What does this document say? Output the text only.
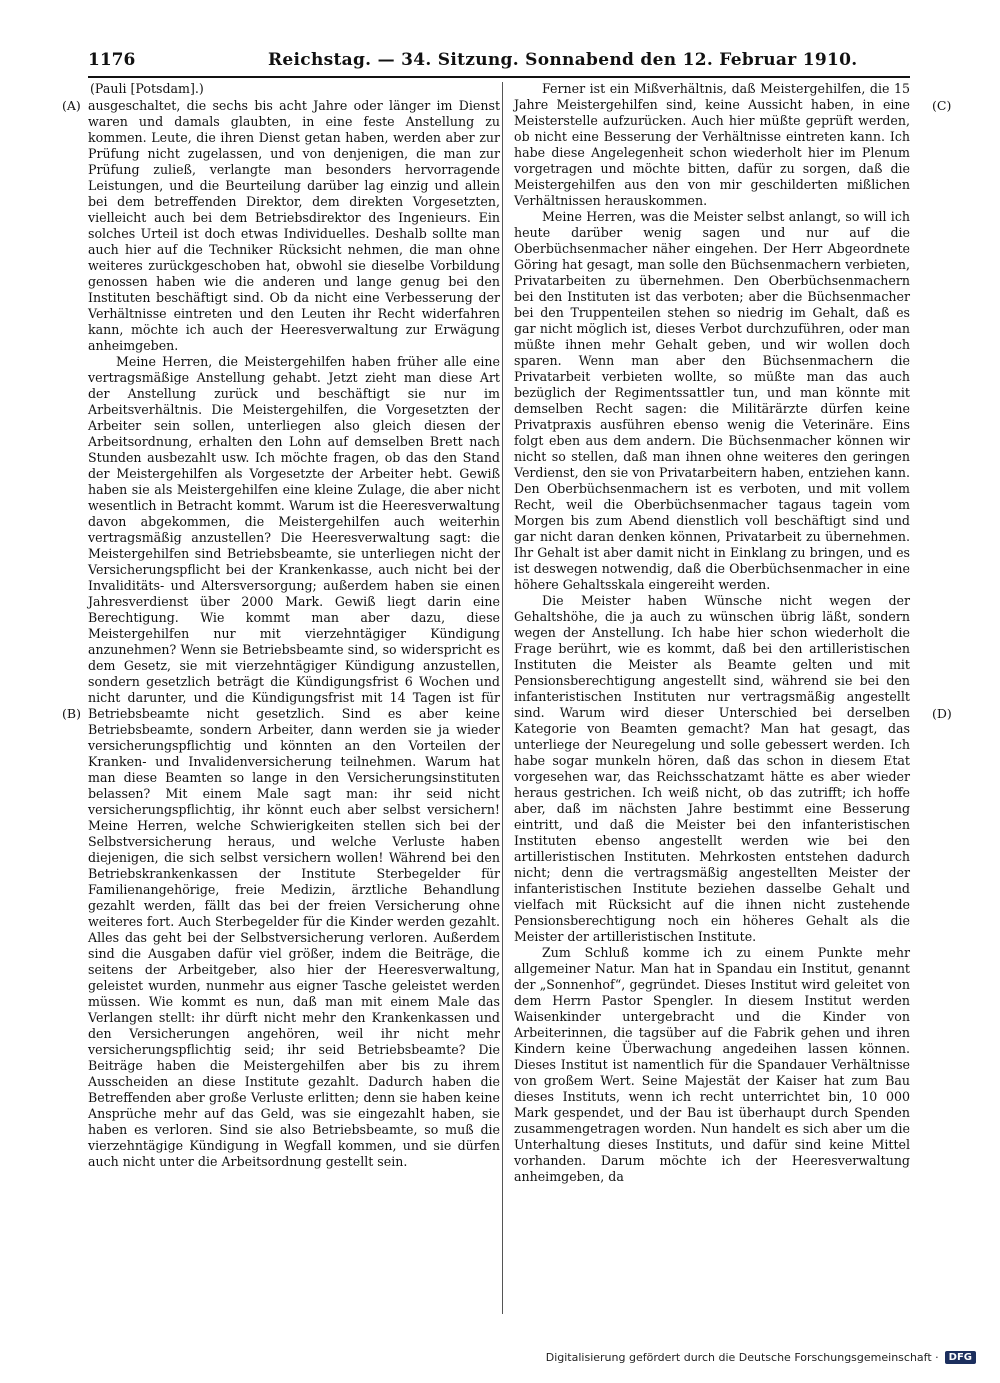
1176	Reichstag. — 34. Sitzung. Sonnabend den 12. Februar 1910.
(A)
(B)
(C)
(D)
(Pauli [Potsdam].)

ausgeschaltet, die sechs bis acht Jahre oder länger im Dienst waren und damals glaubten, in eine feste Anstellung zu kommen. Leute, die ihren Dienst getan haben, werden aber zur Prüfung nicht zugelassen, und von denjenigen, die man zur Prüfung zuließ, verlangte man besonders hervorragende Leistungen, und die Beurteilung darüber lag einzig und allein bei dem betreffenden Direktor, dem direkten Vorgesetzten, vielleicht auch bei dem Betriebsdirektor des Ingenieurs. Ein solches Urteil ist doch etwas Individuelles. Deshalb sollte man auch hier auf die Techniker Rücksicht nehmen, die man ohne weiteres zurückgeschoben hat, obwohl sie dieselbe Vorbildung genossen haben wie die anderen und lange genug bei den Instituten beschäftigt sind. Ob da nicht eine Verbesserung der Verhältnisse eintreten und den Leuten ihr Recht widerfahren kann, möchte ich auch der Heeresverwaltung zur Erwägung anheimgeben.

Meine Herren, die Meistergehilfen haben früher alle eine vertragsmäßige Anstellung gehabt. Jetzt zieht man diese Art der Anstellung zurück und beschäftigt sie nur im Arbeitsverhältnis. Die Meistergehilfen, die Vorgesetzten der Arbeiter sein sollen, unterliegen also gleich diesen der Arbeitsordnung, erhalten den Lohn auf demselben Brett nach Stunden ausbezahlt usw. Ich möchte fragen, ob das den Stand der Meistergehilfen als Vorgesetzte der Arbeiter hebt. Gewiß haben sie als Meistergehilfen eine kleine Zulage, die aber nicht wesentlich in Betracht kommt. Warum ist die Heeresverwaltung davon abgekommen, die Meistergehilfen auch weiterhin vertragsmäßig anzustellen? Die Heeresverwaltung sagt: die Meistergehilfen sind Betriebsbeamte, sie unterliegen nicht der Versicherungspflicht bei der Krankenkasse, auch nicht bei der Invaliditäts- und Altersversorgung; außerdem haben sie einen Jahresverdienst über 2000 Mark. Gewiß liegt darin eine Berechtigung. Wie kommt man aber dazu, diese Meistergehilfen nur mit vierzehntägiger Kündigung anzunehmen? Wenn sie Betriebsbeamte sind, so widerspricht es dem Gesetz, sie mit vierzehntägiger Kündigung anzustellen, sondern gesetzlich beträgt die Kündigungsfrist 6 Wochen und nicht darunter, und die Kündigungsfrist mit 14 Tagen ist für Betriebsbeamte nicht gesetzlich. Sind es aber keine Betriebsbeamte, sondern Arbeiter, dann werden sie ja wieder versicherungspflichtig und könnten an den Vorteilen der Kranken- und Invalidenversicherung teilnehmen. Warum hat man diese Beamten so lange in den Versicherungsinstituten belassen? Mit einem Male sagt man: ihr seid nicht versicherungspflichtig, ihr könnt euch aber selbst versichern! Meine Herren, welche Schwierigkeiten stellen sich bei der Selbstversicherung heraus, und welche Verluste haben diejenigen, die sich selbst versichern wollen! Während bei den Betriebskrankenkassen der Institute Sterbegelder für Familienangehörige, freie Medizin, ärztliche Behandlung gezahlt werden, fällt das bei der freien Versicherung ohne weiteres fort. Auch Sterbegelder für die Kinder werden gezahlt. Alles das geht bei der Selbstversicherung verloren. Außerdem sind die Ausgaben dafür viel größer, indem die Beiträge, die seitens der Arbeitgeber, also hier der Heeresverwaltung, geleistet wurden, nunmehr aus eigner Tasche geleistet werden müssen. Wie kommt es nun, daß man mit einem Male das Verlangen stellt: ihr dürft nicht mehr den Krankenkassen und den Versicherungen angehören, weil ihr nicht mehr versicherungspflichtig seid; ihr seid Betriebsbeamte? Die Beiträge haben die Meistergehilfen aber bis zu ihrem Ausscheiden an diese Institute gezahlt. Dadurch haben die Betreffenden aber große Verluste erlitten; denn sie haben keine Ansprüche mehr auf das Geld, was sie eingezahlt haben, sie haben es verloren. Sind sie also Betriebsbeamte, so muß die vierzehntägige Kündigung in Wegfall kommen, und sie dürfen auch nicht unter die Arbeitsordnung gestellt sein.

Ferner ist ein Mißverhältnis, daß Meistergehilfen, die 15 Jahre Meistergehilfen sind, keine Aussicht haben, in eine Meisterstelle aufzurücken. Auch hier müßte geprüft werden, ob nicht eine Besserung der Verhältnisse eintreten kann. Ich habe diese Angelegenheit schon wiederholt hier im Plenum vorgetragen und möchte bitten, dafür zu sorgen, daß die Meistergehilfen aus den von mir geschilderten mißlichen Verhältnissen herauskommen.

Meine Herren, was die Meister selbst anlangt, so will ich heute darüber wenig sagen und nur auf die Oberbüchsenmacher näher eingehen. Der Herr Abgeordnete Göring hat gesagt, man solle den Büchsenmachern verbieten, Privatarbeiten zu übernehmen. Den Oberbüchsenmachern bei den Instituten ist das verboten; aber die Büchsenmacher bei den Truppenteilen stehen so niedrig im Gehalt, daß es gar nicht möglich ist, dieses Verbot durchzuführen, oder man müßte ihnen mehr Gehalt geben, und wir wollen doch sparen. Wenn man aber den Büchsenmachern die Privatarbeit verbieten wollte, so müßte man das auch bezüglich der Regimentssattler tun, und man könnte mit demselben Recht sagen: die Militärärzte dürfen keine Privatpraxis ausführen ebenso wenig die Veterinäre. Eins folgt eben aus dem andern. Die Büchsenmacher können wir nicht so stellen, daß man ihnen ohne weiteres den geringen Verdienst, den sie von Privatarbeitern haben, entziehen kann. Den Oberbüchsenmachern ist es verboten, und mit vollem Recht, weil die Oberbüchsenmacher tagaus tagein vom Morgen bis zum Abend dienstlich voll beschäftigt sind und gar nicht daran denken können, Privatarbeit zu übernehmen. Ihr Gehalt ist aber damit nicht in Einklang zu bringen, und es ist deswegen notwendig, daß die Oberbüchsenmacher in eine höhere Gehaltsskala eingereiht werden.

Die Meister haben Wünsche nicht wegen der Gehaltshöhe, die ja auch zu wünschen übrig läßt, sondern wegen der Anstellung. Ich habe hier schon wiederholt die Frage berührt, wie es kommt, daß bei den artilleristischen Instituten die Meister als Beamte gelten und mit Pensionsberechtigung angestellt sind, während sie bei den infanteristischen Instituten nur vertragsmäßig angestellt sind. Warum wird dieser Unterschied bei derselben Kategorie von Beamten gemacht? Man hat gesagt, das unterliege der Neuregelung und solle gebessert werden. Ich habe sogar munkeln hören, daß das schon in diesem Etat vorgesehen war, das Reichsschatzamt hätte es aber wieder heraus gestrichen. Ich weiß nicht, ob das zutrifft; ich hoffe aber, daß im nächsten Jahre bestimmt eine Besserung eintritt, und daß die Meister bei den infanteristischen Instituten ebenso angestellt werden wie bei den artilleristischen Instituten. Mehrkosten entstehen dadurch nicht; denn die vertragsmäßig angestellten Meister der infanteristischen Institute beziehen dasselbe Gehalt und vielfach mit Rücksicht auf die ihnen nicht zustehende Pensionsberechtigung noch ein höheres Gehalt als die Meister der artilleristischen Institute.

Zum Schluß komme ich zu einem Punkte mehr allgemeiner Natur. Man hat in Spandau ein Institut, genannt der „Sonnenhof“, gegründet. Dieses Institut wird geleitet von dem Herrn Pastor Spengler. In diesem Institut werden Waisenkinder untergebracht und die Kinder von Arbeiterinnen, die tagsüber auf die Fabrik gehen und ihren Kindern keine Überwachung angedeihen lassen können. Dieses Institut ist namentlich für die Spandauer Verhältnisse von großem Wert. Seine Majestät der Kaiser hat zum Bau dieses Instituts, wenn ich recht unterrichtet bin, 10 000 Mark gespendet, und der Bau ist überhaupt durch Spenden zusammengetragen worden. Nun handelt es sich aber um die Unterhaltung dieses Instituts, und dafür sind keine Mittel vorhanden. Darum möchte ich der Heeresverwaltung anheimgeben, da

Digitalisierung gefördert durch die Deutsche Forschungsgemeinschaft ·	DFG
